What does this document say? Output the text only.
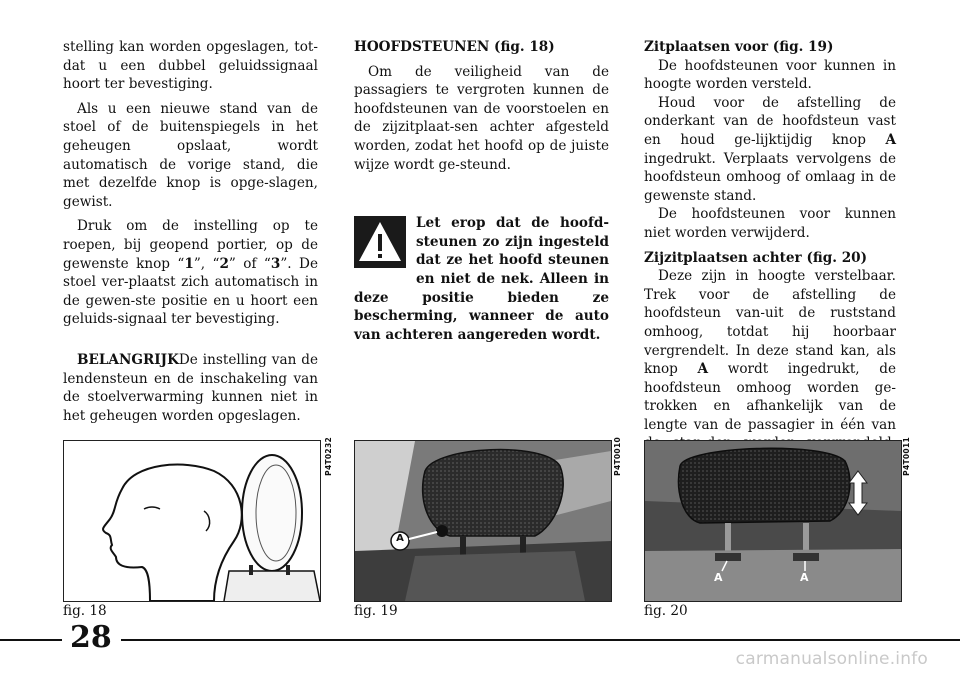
stelling kan worden opgeslagen, tot-dat u een dubbel geluidssignaal hoort ter bevestiging.

Als u een nieuwe stand van de stoel of de buitenspiegels in het geheugen opslaat, wordt automatisch de vorige stand, die met dezelfde knop is opge-slagen, gewist.

Druk om de instelling op te roepen, bij geopend portier, op de gewenste knop “1”, “2” of “3”. De stoel ver-plaatst zich automatisch in de gewen-ste positie en u hoort een geluids-signaal ter bevestiging.

BELANGRIJKDe instelling van de lendensteun en de inschakeling van de stoelverwarming kunnen niet in het geheugen worden opgeslagen.

HOOFDSTEUNEN (fig. 18)

Om de veiligheid van de passagiers te vergroten kunnen de hoofdsteunen van de voorstoelen en de zijzitplaat-sen achter afgesteld worden, zodat het hoofd op de juiste wijze wordt ge-steund.

Let erop dat de hoofd-steunen zo zijn ingesteld dat ze het hoofd steunen en niet de nek. Alleen in deze positie bieden ze bescherming, wanneer de auto van achteren aangereden wordt.

Zitplaatsen voor (fig. 19)

De hoofdsteunen voor kunnen in hoogte worden versteld.

Houd voor de afstelling de onderkant van de hoofdsteun vast en houd ge-lijktijdig knop A ingedrukt. Verplaats vervolgens de hoofdsteun omhoog of omlaag in de gewenste stand.

De hoofdsteunen voor kunnen niet worden verwijderd.

Zijzitplaatsen achter (fig. 20)

Deze zijn in hoogte verstelbaar. Trek voor de afstelling de hoofdsteun van-uit de ruststand omhoog, totdat hij hoorbaar vergrendelt. In deze stand kan, als knop A wordt ingedrukt, de hoofdsteun omhoog worden ge-trokken en afhankelijk van de lengte van de passagier in één van

P4T0232
fig. 18
A
P4T0010
fig. 19
A	A
P4T0011
fig. 20
28
carmanualsonline.info
